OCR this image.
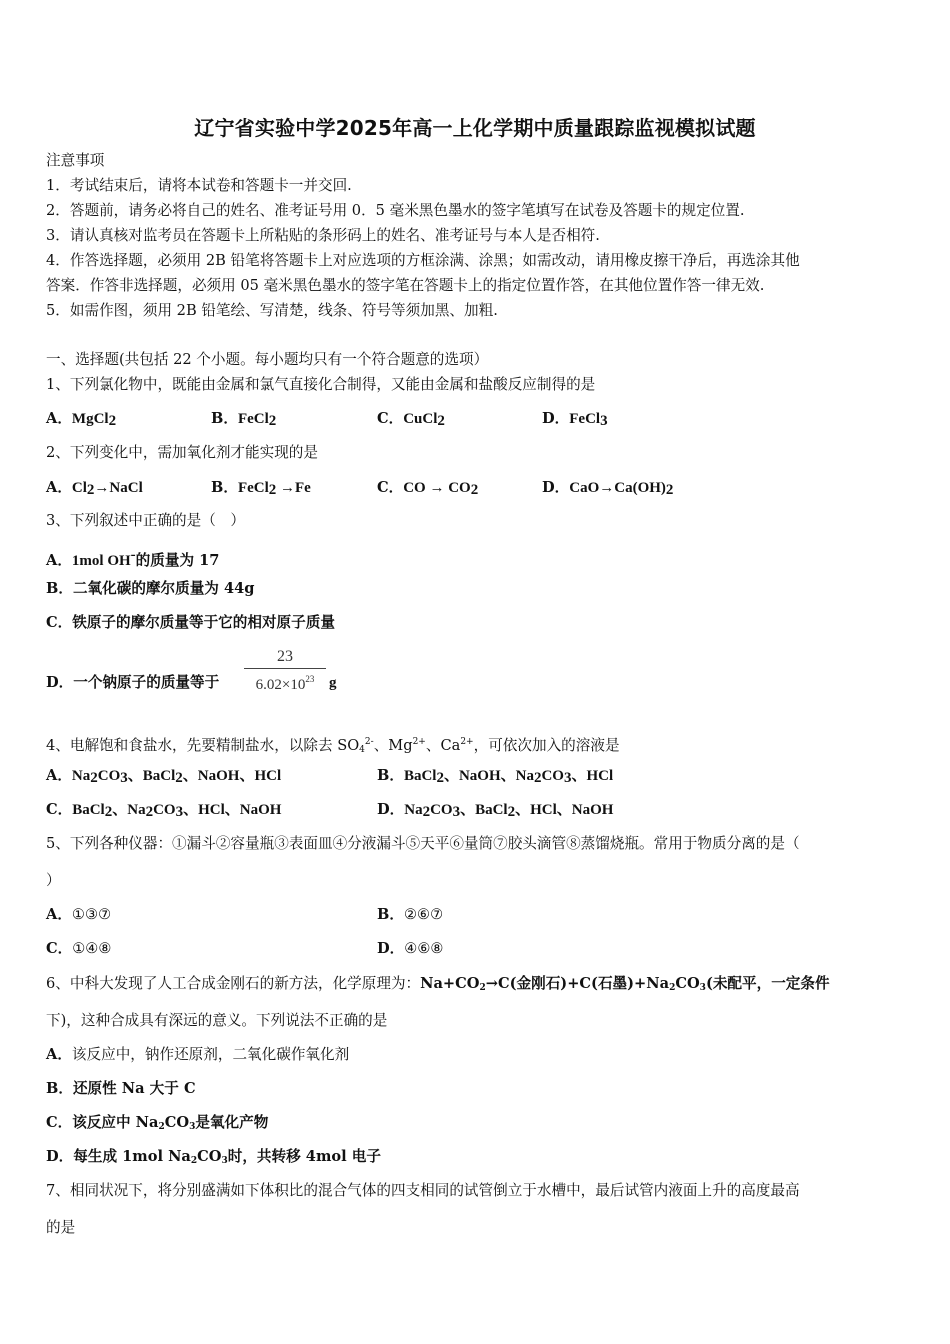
辽宁省实验中学2025年高一上化学期中质量跟踪监视模拟试题
注意事项
1．考试结束后，请将本试卷和答题卡一并交回.
2．答题前，请务必将自己的姓名、准考证号用 0．5 毫米黑色墨水的签字笔填写在试卷及答题卡的规定位置.
3．请认真核对监考员在答题卡上所粘贴的条形码上的姓名、准考证号与本人是否相符.
4．作答选择题，必须用 2B 铅笔将答题卡上对应选项的方框涂满、涂黑；如需改动，请用橡皮擦干净后，再选涂其他
答案．作答非选择题，必须用 05 毫米黑色墨水的签字笔在答题卡上的指定位置作答，在其他位置作答一律无效.
5．如需作图，须用 2B 铅笔绘、写清楚，线条、符号等须加黑、加粗.
一、选择题(共包括 22 个小题。每小题均只有一个符合题意的选项）
1、下列氯化物中，既能由金属和氯气直接化合制得，又能由金属和盐酸反应制得的是
A．MgCl$_2$	B．FeCl$_2$	C．CuCl$_2$	D．FeCl$_3$
2、下列变化中，需加氧化剂才能实现的是
A．$Cl_2\to NaCl$	B．FeCl$_2$ →Fe	C．CO → $CO_2$	D．$CaO\to Ca(OH)_2$
3、下列叙述中正确的是（　）
A．1mol OH-的质量为 17
B．二氧化碳的摩尔质量为 44g
C．铁原子的摩尔质量等于它的相对原子质量
D．一个钠原子的质量等于 $\frac{23}{6.02\times 10^{23}}$ g
4、电解饱和食盐水，先要精制盐水，以除去 $SO_4^{2-}$、$Mg^{2+}$、$Ca^{2+}$，可依次加入的溶液是
A．$Na_2CO_3$、BaCl$_2$、NaOH、HCl	B．BaCl$_2$、NaOH、$Na_2CO_3$、HCl
C．BaCl$_2$、$Na_2CO_3$、HCl、NaOH	D．$Na_2CO_3$、BaCl$_2$、HCl、NaOH
5、下列各种仪器：①漏斗②容量瓶③表面皿④分液漏斗⑤天平⑥量筒⑦胶头滴管⑧蒸馏烧瓶。常用于物质分离的是（
）
A．①③⑦	B．②⑥⑦
C．①④⑧	D．④⑥⑧
6、中科大发现了人工合成金刚石的新方法，化学原理为：$Na+CO_2\to C$(金刚石)+C(石墨)$+Na_2CO_3$(未配平，一定条件
下)，这种合成具有深远的意义。下列说法不正确的是
A．该反应中，钠作还原剂，二氧化碳作氧化剂
B．还原性 Na 大于 C
C．该反应中 $Na_2CO_3$是氧化产物
D．每生成 1mol $Na_2CO_3$时，共转移 4mol 电子
7、相同状况下，将分别盛满如下体积比的混合气体的四支相同的试管倒立于水槽中，最后试管内液面上升的高度最高
的是
